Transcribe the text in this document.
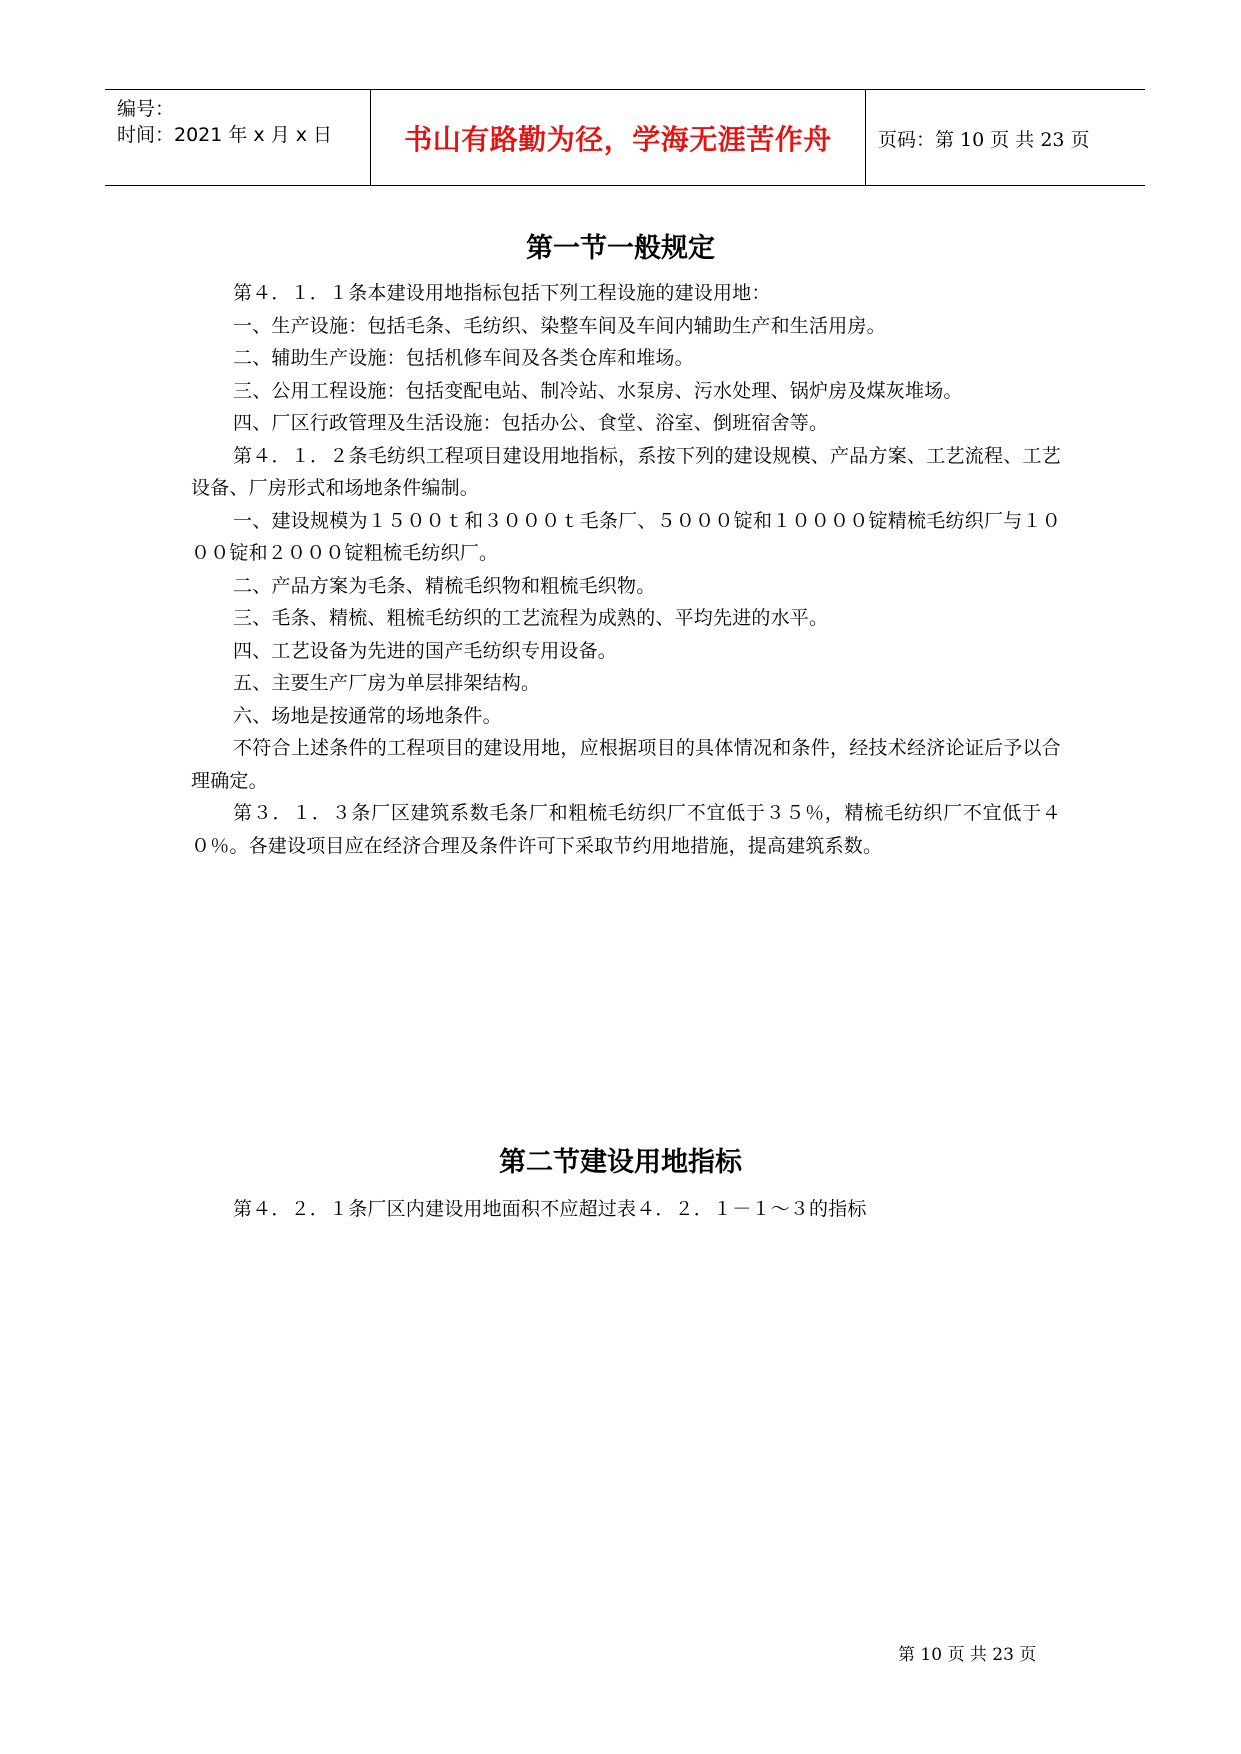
编号：
时间：2021 年 x 月 x 日	书山有路勤为径，学海无涯苦作舟	页码：第 10 页 共 23 页
第一节一般规定

第４．１．１条本建设用地指标包括下列工程设施的建设用地：

一、生产设施：包括毛条、毛纺织、染整车间及车间内辅助生产和生活用房。

二、辅助生产设施：包括机修车间及各类仓库和堆场。

三、公用工程设施：包括变配电站、制冷站、水泵房、污水处理、锅炉房及煤灰堆场。

四、厂区行政管理及生活设施：包括办公、食堂、浴室、倒班宿舍等。

第４．１．２条毛纺织工程项目建设用地指标，系按下列的建设规模、产品方案、工艺流程、工艺设备、厂房形式和场地条件编制。

一、建设规模为１５００ｔ和３０００ｔ毛条厂、５０００锭和１００００锭精梳毛纺织厂与１０００锭和２０００锭粗梳毛纺织厂。

二、产品方案为毛条、精梳毛织物和粗梳毛织物。

三、毛条、精梳、粗梳毛纺织的工艺流程为成熟的、平均先进的水平。

四、工艺设备为先进的国产毛纺织专用设备。

五、主要生产厂房为单层排架结构。

六、场地是按通常的场地条件。

不符合上述条件的工程项目的建设用地，应根据项目的具体情况和条件，经技术经济论证后予以合理确定。

第３．１．３条厂区建筑系数毛条厂和粗梳毛纺织厂不宜低于３５％，精梳毛纺织厂不宜低于４０％。各建设项目应在经济合理及条件许可下采取节约用地措施，提高建筑系数。

第二节建设用地指标

第４．２．１条厂区内建设用地面积不应超过表４．２．１－１～３的指标

第 10 页 共 23 页
